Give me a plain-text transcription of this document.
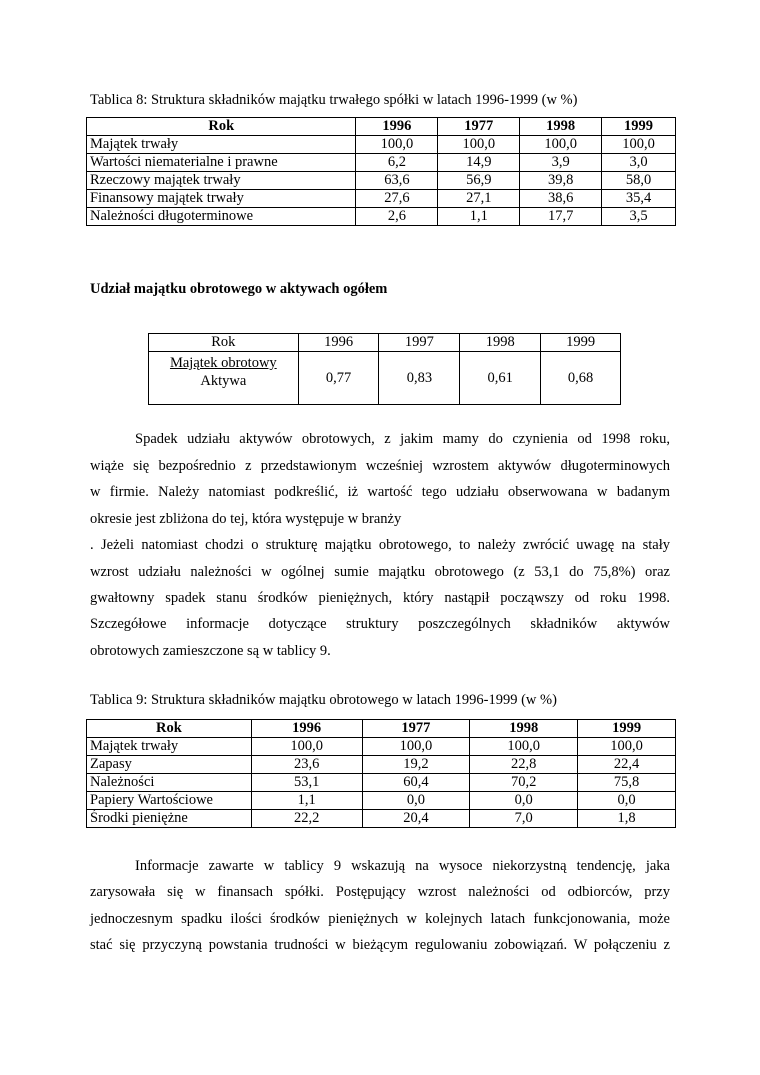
Tablica 8: Struktura składników majątku trwałego spółki w latach 1996-1999 (w %)
Rok	1996	1977	1998	1999
Majątek trwały	100,0	100,0	100,0	100,0
Wartości niematerialne i prawne	6,2	14,9	3,9	3,0
Rzeczowy majątek trwały	63,6	56,9	39,8	58,0
Finansowy majątek trwały	27,6	27,1	38,6	35,4
Należności długoterminowe	2,6	1,1	17,7	3,5
Udział majątku obrotowego w aktywach ogółem
Rok	1996	1997	1998	1999

$\frac{\text{Majątek obrotowy}}{\text{Aktywa}}$	0,77	0,83	0,61	0,68
Spadek udziału aktywów obrotowych, z jakim mamy do czynienia od 1998 roku,
wiąże się bezpośrednio z przedstawionym wcześniej wzrostem aktywów długoterminowych
w firmie. Należy natomiast podkreślić, iż wartość tego udziału obserwowana w badanym
okresie jest zbliżona do tej, która występuje w branży
. Jeżeli natomiast chodzi o strukturę majątku obrotowego, to należy zwrócić uwagę na stały
wzrost udziału należności w ogólnej sumie majątku obrotowego (z 53,1 do 75,8%) oraz
gwałtowny spadek stanu środków pieniężnych, który nastąpił począwszy od roku 1998.
Szczegółowe informacje dotyczące struktury poszczególnych składników aktywów
obrotowych zamieszczone są w tablicy 9.
Tablica 9: Struktura składników majątku obrotowego w latach 1996-1999 (w %)
Rok	1996	1977	1998	1999
Majątek trwały	100,0	100,0	100,0	100,0
Zapasy	23,6	19,2	22,8	22,4
Należności	53,1	60,4	70,2	75,8
Papiery Wartościowe	1,1	0,0	0,0	0,0
Środki pieniężne	22,2	20,4	7,0	1,8
Informacje zawarte w tablicy 9 wskazują na wysoce niekorzystną tendencję, jaka
zarysowała się w finansach spółki. Postępujący wzrost należności od odbiorców, przy
jednoczesnym spadku ilości środków pieniężnych w kolejnych latach funkcjonowania, może
stać się przyczyną powstania trudności w bieżącym regulowaniu zobowiązań. W połączeniu z
